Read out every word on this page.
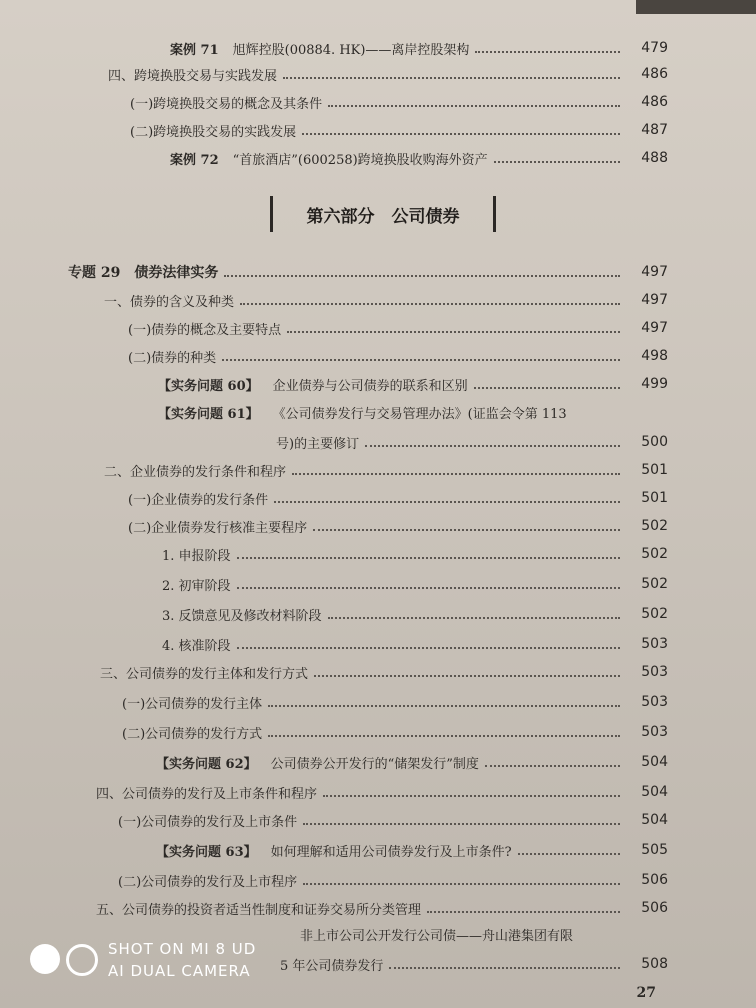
案例 71 旭辉控股(00884. HK)——离岸控股架构	479
四、跨境换股交易与实践发展	486
(一)跨境换股交易的概念及其条件	486
(二)跨境换股交易的实践发展	487
案例 72 “首旅酒店”(600258)跨境换股收购海外资产	488
专题 29　债券法律实务	497
一、债券的含义及种类	497
(一)债券的概念及主要特点	497
(二)债券的种类	498
【实务问题 60】 企业债券与公司债券的联系和区别	499
【实务问题 61】 《公司债券发行与交易管理办法》(证监会令第 113
号)的主要修订	500
二、企业债券的发行条件和程序	501
(一)企业债券的发行条件	501
(二)企业债券发行核准主要程序	502
1. 申报阶段	502
2. 初审阶段	502
3. 反馈意见及修改材料阶段	502
4. 核准阶段	503
三、公司债券的发行主体和发行方式	503
(一)公司债券的发行主体	503
(二)公司债券的发行方式	503
【实务问题 62】 公司债券公开发行的“储架发行”制度	504
四、公司债券的发行及上市条件和程序	504
(一)公司债券的发行及上市条件	504
【实务问题 63】 如何理解和适用公司债券发行及上市条件?	505
(二)公司债券的发行及上市程序	506
五、公司债券的投资者适当性制度和证券交易所分类管理	506
非上市公司公开发行公司债——舟山港集团有限
5 年公司债券发行	508
第六部分　公司债券
27
SHOT ON MI 8 UD
AI DUAL CAMERA
